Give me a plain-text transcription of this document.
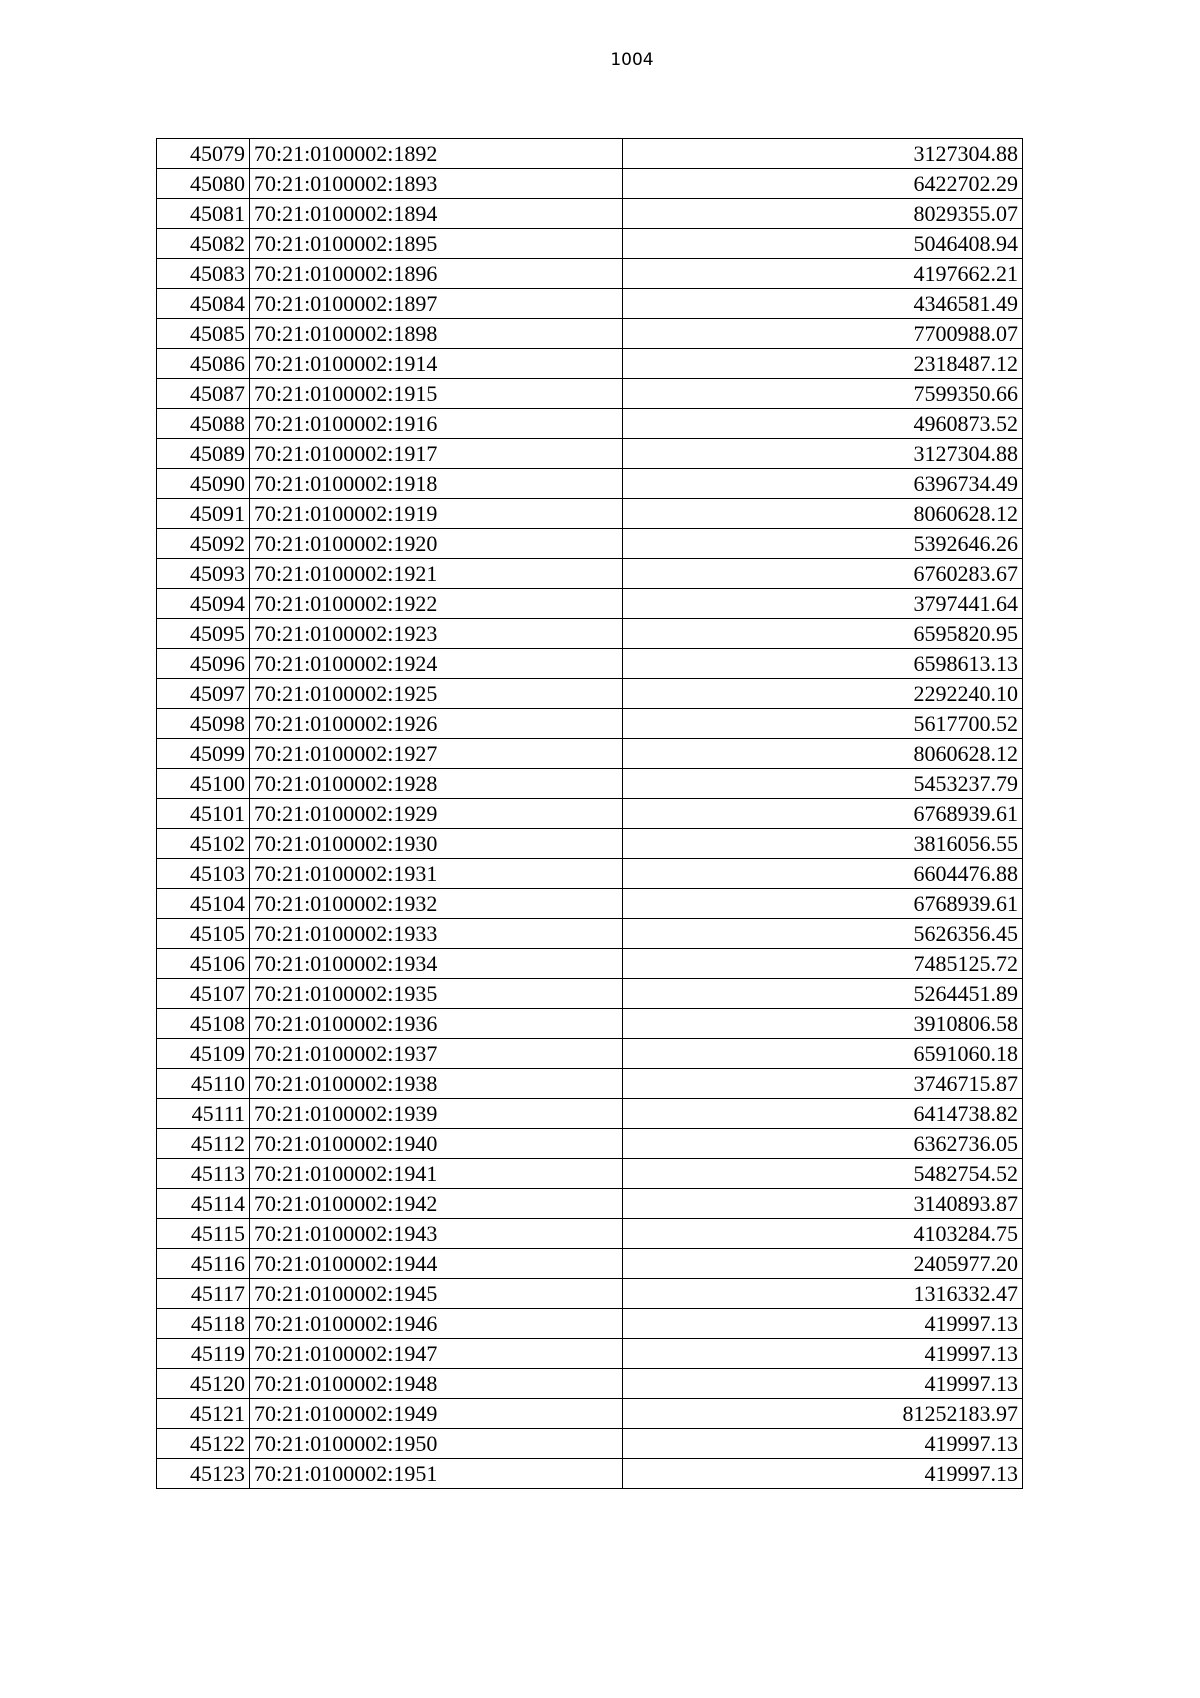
1004
45079	70:21:0100002:1892	3127304.88
45080	70:21:0100002:1893	6422702.29
45081	70:21:0100002:1894	8029355.07
45082	70:21:0100002:1895	5046408.94
45083	70:21:0100002:1896	4197662.21
45084	70:21:0100002:1897	4346581.49
45085	70:21:0100002:1898	7700988.07
45086	70:21:0100002:1914	2318487.12
45087	70:21:0100002:1915	7599350.66
45088	70:21:0100002:1916	4960873.52
45089	70:21:0100002:1917	3127304.88
45090	70:21:0100002:1918	6396734.49
45091	70:21:0100002:1919	8060628.12
45092	70:21:0100002:1920	5392646.26
45093	70:21:0100002:1921	6760283.67
45094	70:21:0100002:1922	3797441.64
45095	70:21:0100002:1923	6595820.95
45096	70:21:0100002:1924	6598613.13
45097	70:21:0100002:1925	2292240.10
45098	70:21:0100002:1926	5617700.52
45099	70:21:0100002:1927	8060628.12
45100	70:21:0100002:1928	5453237.79
45101	70:21:0100002:1929	6768939.61
45102	70:21:0100002:1930	3816056.55
45103	70:21:0100002:1931	6604476.88
45104	70:21:0100002:1932	6768939.61
45105	70:21:0100002:1933	5626356.45
45106	70:21:0100002:1934	7485125.72
45107	70:21:0100002:1935	5264451.89
45108	70:21:0100002:1936	3910806.58
45109	70:21:0100002:1937	6591060.18
45110	70:21:0100002:1938	3746715.87
45111	70:21:0100002:1939	6414738.82
45112	70:21:0100002:1940	6362736.05
45113	70:21:0100002:1941	5482754.52
45114	70:21:0100002:1942	3140893.87
45115	70:21:0100002:1943	4103284.75
45116	70:21:0100002:1944	2405977.20
45117	70:21:0100002:1945	1316332.47
45118	70:21:0100002:1946	419997.13
45119	70:21:0100002:1947	419997.13
45120	70:21:0100002:1948	419997.13
45121	70:21:0100002:1949	81252183.97
45122	70:21:0100002:1950	419997.13
45123	70:21:0100002:1951	419997.13
